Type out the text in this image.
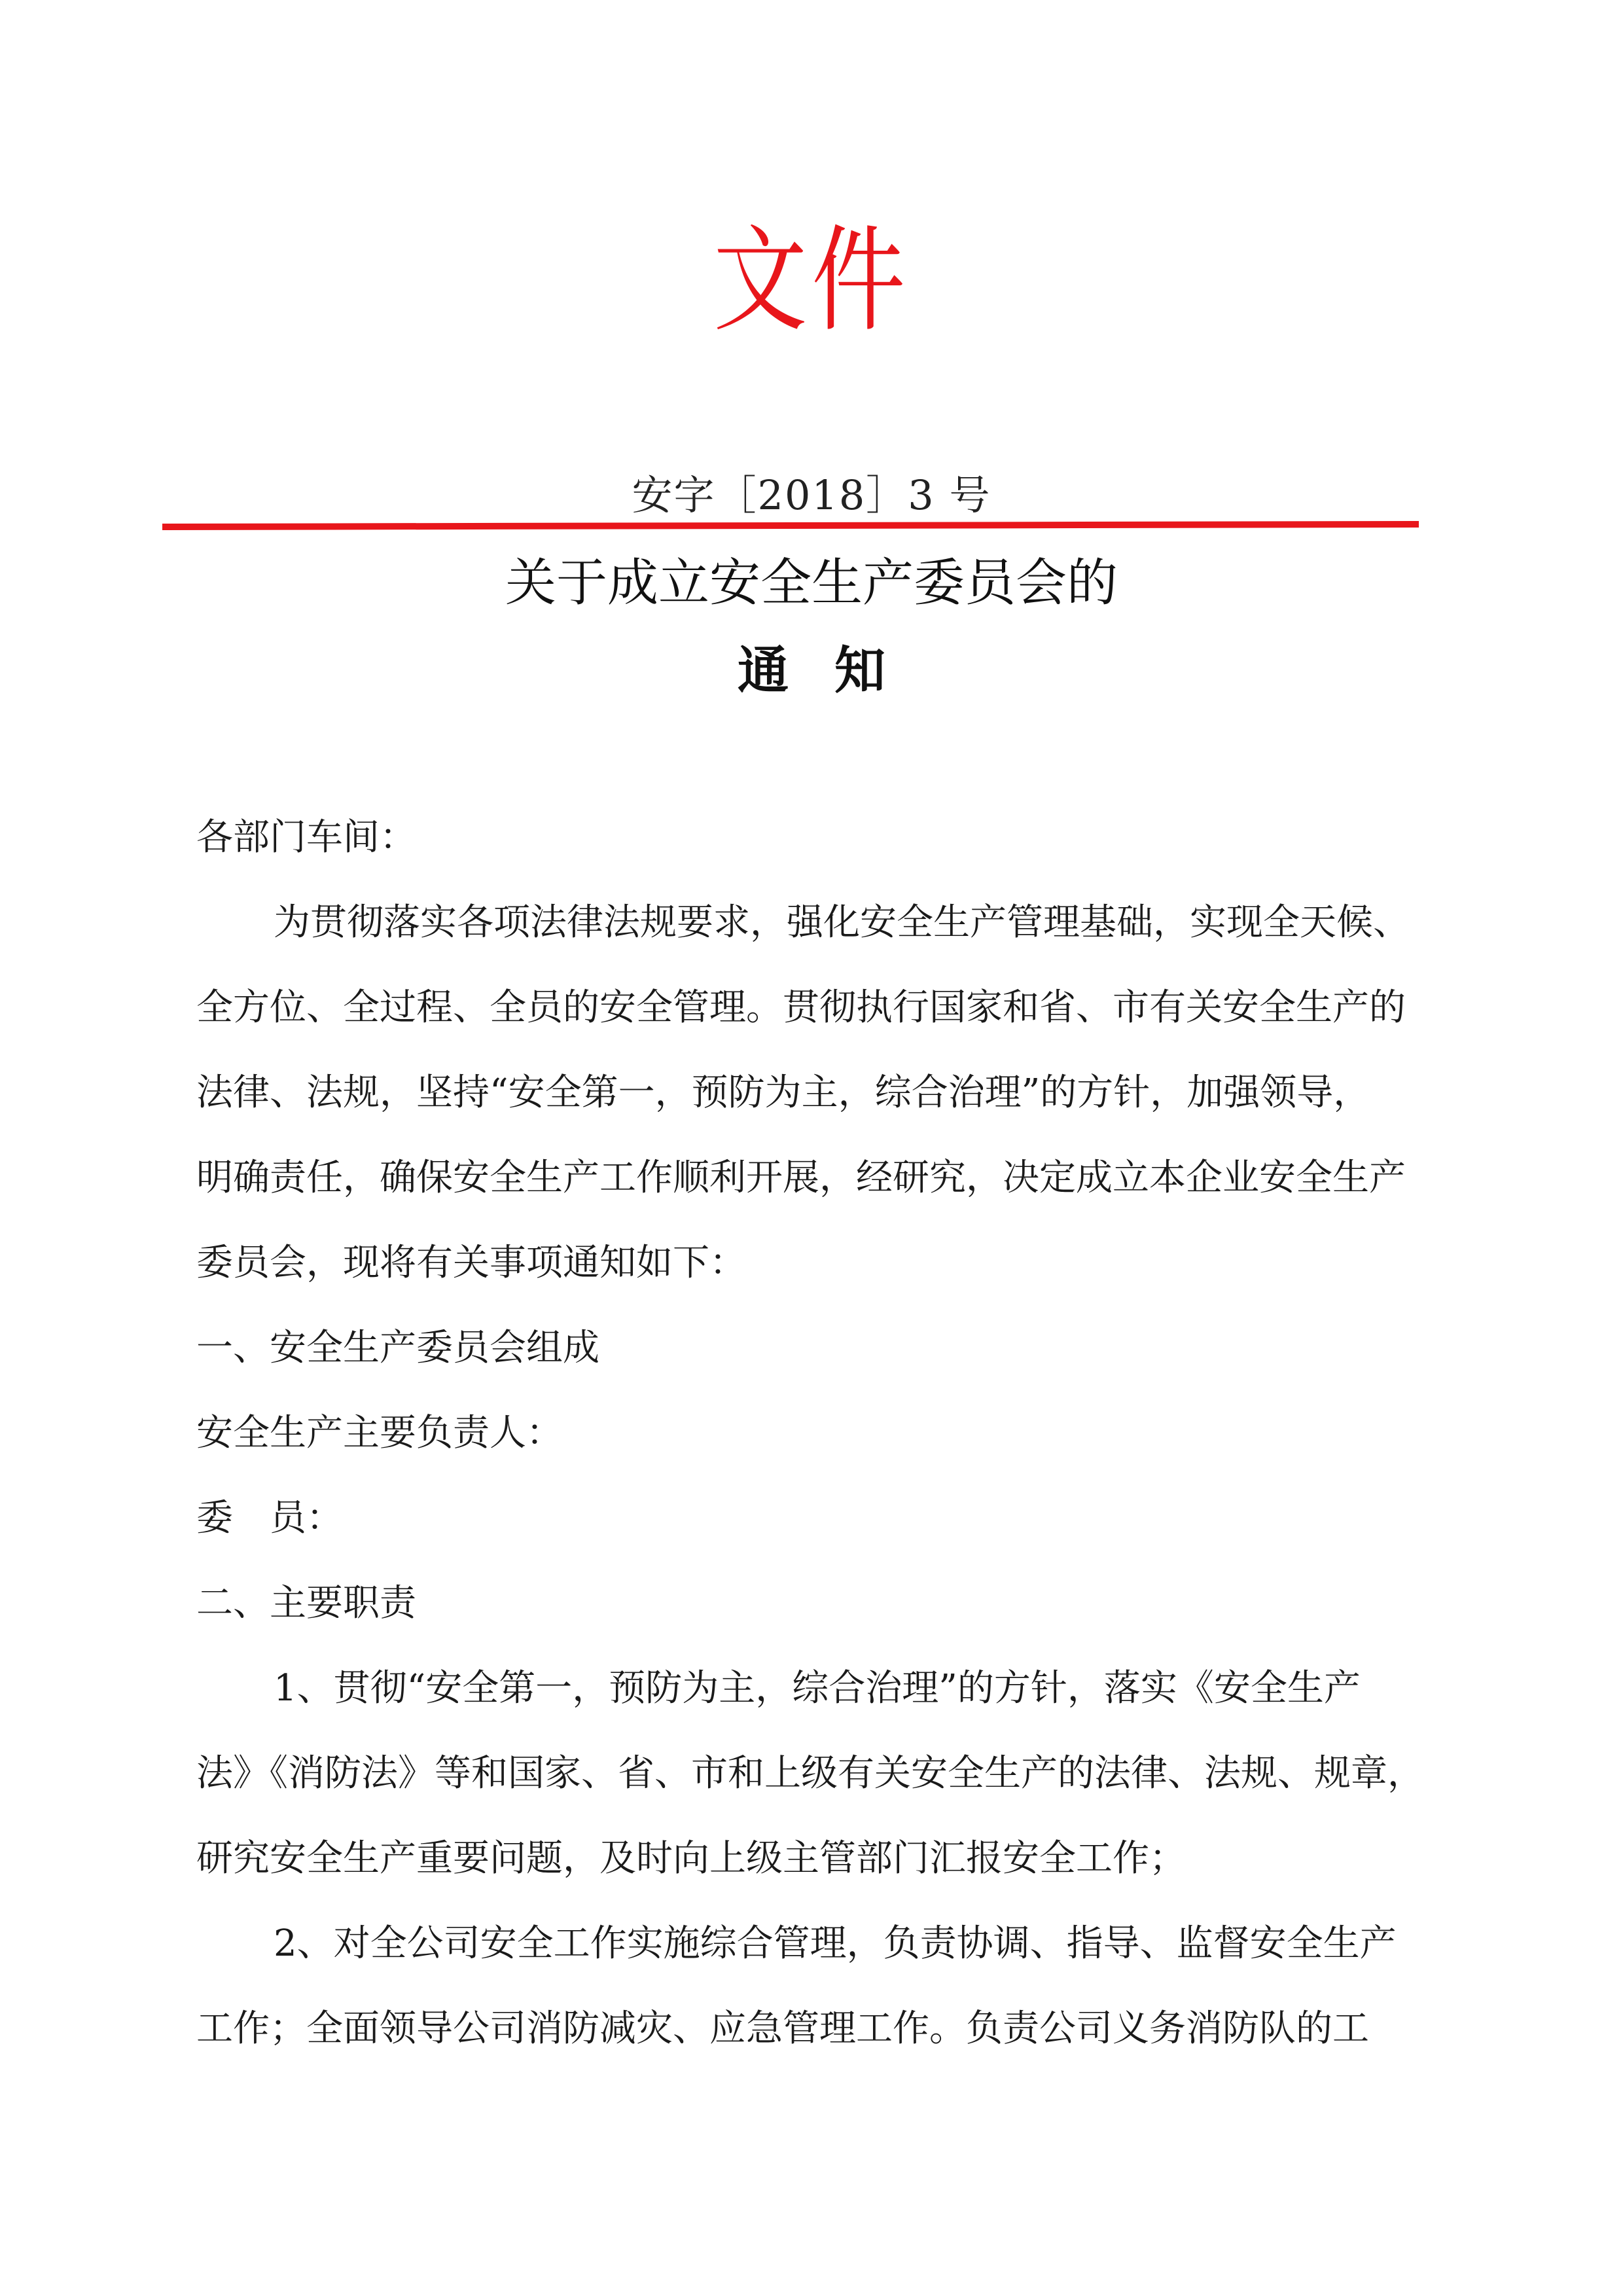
文件
安字［2018］3 号
关于成立安全生产委员会的
通知
各部门车间：
为贯彻落实各项法律法规要求，强化安全生产管理基础，实现全天候、
全方位、全过程、全员的安全管理。贯彻执行国家和省、市有关安全生产的
法律、法规，坚持“安全第一，预防为主，综合治理”的方针，加强领导，
明确责任，确保安全生产工作顺利开展，经研究，决定成立本企业安全生产
委员会，现将有关事项通知如下：
一、安全生产委员会组成
安全生产主要负责人：
委　员：
二、主要职责
1、贯彻“安全第一，预防为主，综合治理”的方针，落实《安全生产
法》《消防法》等和国家、省、市和上级有关安全生产的法律、法规、规章，
研究安全生产重要问题，及时向上级主管部门汇报安全工作；
2、对全公司安全工作实施综合管理，负责协调、指导、监督安全生产
工作；全面领导公司消防减灾、应急管理工作。负责公司义务消防队的工
